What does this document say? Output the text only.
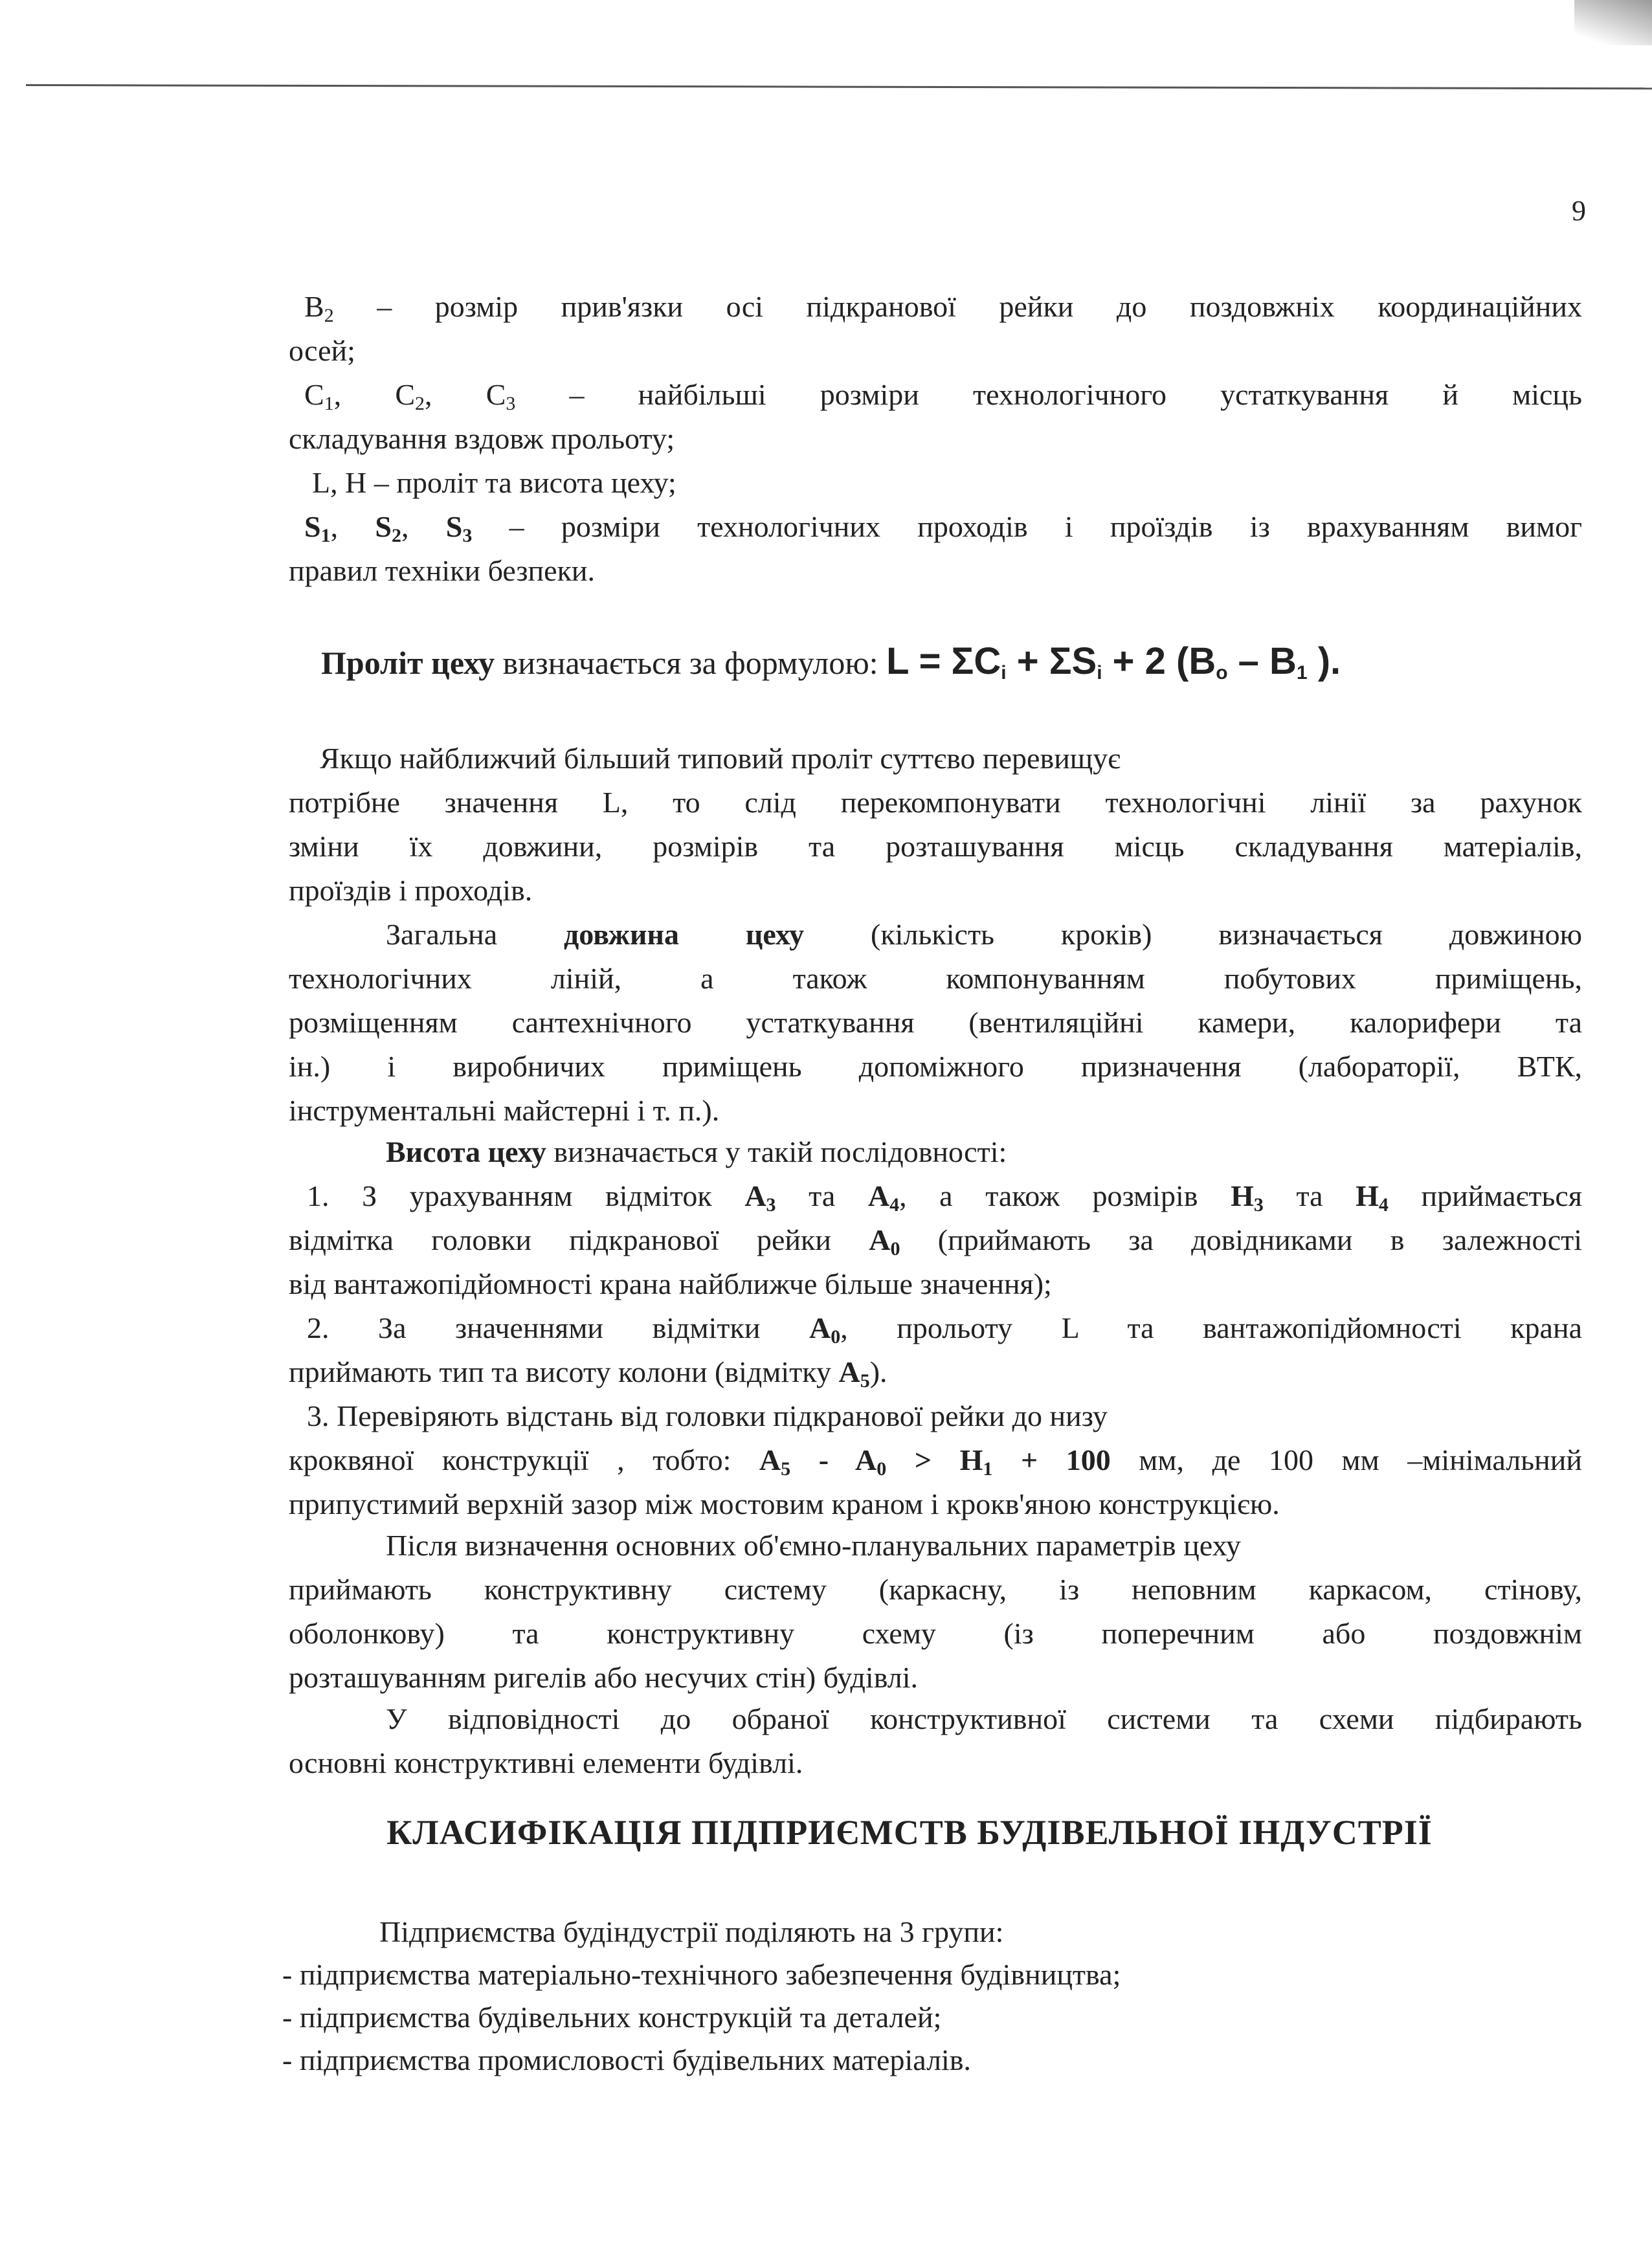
9
$B_2$ – розмір прив'язки осі підкранової рейки до поздовжніх координаційних
осей;
$C_1$, $C_2$, $C_3$ – найбільші розміри технологічного устаткування й місць
складування вздовж прольоту;
L, H – проліт та висота цеху;
$S_1$, $S_2$, $S_3$ – розміри технологічних проходів і проїздів із врахуванням вимог
правил техніки безпеки.
Проліт цеху визначається за формулою: $L = \Sigma C_i + \Sigma S_i + 2$ ($B_o - B_1$ ).
Якщо найближчий більший типовий проліт суттєво перевищує
потрібне значення L, то слід перекомпонувати технологічні лінії за рахунок
зміни їх довжини, розмірів та розташування місць складування матеріалів,
проїздів і проходів.
Загальна довжина цеху (кількість кроків) визначається довжиною
технологічних ліній, а також компонуванням побутових приміщень,
розміщенням сантехнічного устаткування (вентиляційні камери, калорифери та
ін.) і виробничих приміщень допоміжного призначення (лабораторії, ВТК,
інструментальні майстерні і т. п.).
Висота цеху визначається у такій послідовності:
1. З урахуванням відміток $A_3$ та $A_4$, а також розмірів $H_3$ та $H_4$ приймається
відмітка головки підкранової рейки $A_0$ (приймають за довідниками в залежності
від вантажопідйомності крана найближче більше значення);
2. За значеннями відмітки $A_0$, прольоту L та вантажопідйомності крана
приймають тип та висоту колони (відмітку $A_5$).
3. Перевіряють відстань від головки підкранової рейки до низу
кроквяної конструкції , тобто: $A_5 - A_0 > H_1 + 100$ мм, де 100 мм –мінімальний
припустимий верхній зазор між мостовим краном і крокв'яною конструкцією.
Після визначення основних об'ємно-планувальних параметрів цеху
приймають конструктивну систему (каркасну, із неповним каркасом, стінову,
оболонкову) та конструктивну схему (із поперечним або поздовжнім
розташуванням ригелів або несучих стін) будівлі.
У відповідності до обраної конструктивної системи та схеми підбирають
основні конструктивні елементи будівлі.
КЛАСИФІКАЦІЯ ПІДПРИЄМСТВ БУДІВЕЛЬНОЇ ІНДУСТРІЇ
Підприємства будіндустрії поділяють на 3 групи:
- підприємства матеріально-технічного забезпечення будівництва;
- підприємства будівельних конструкцій та деталей;
- підприємства промисловості будівельних матеріалів.
